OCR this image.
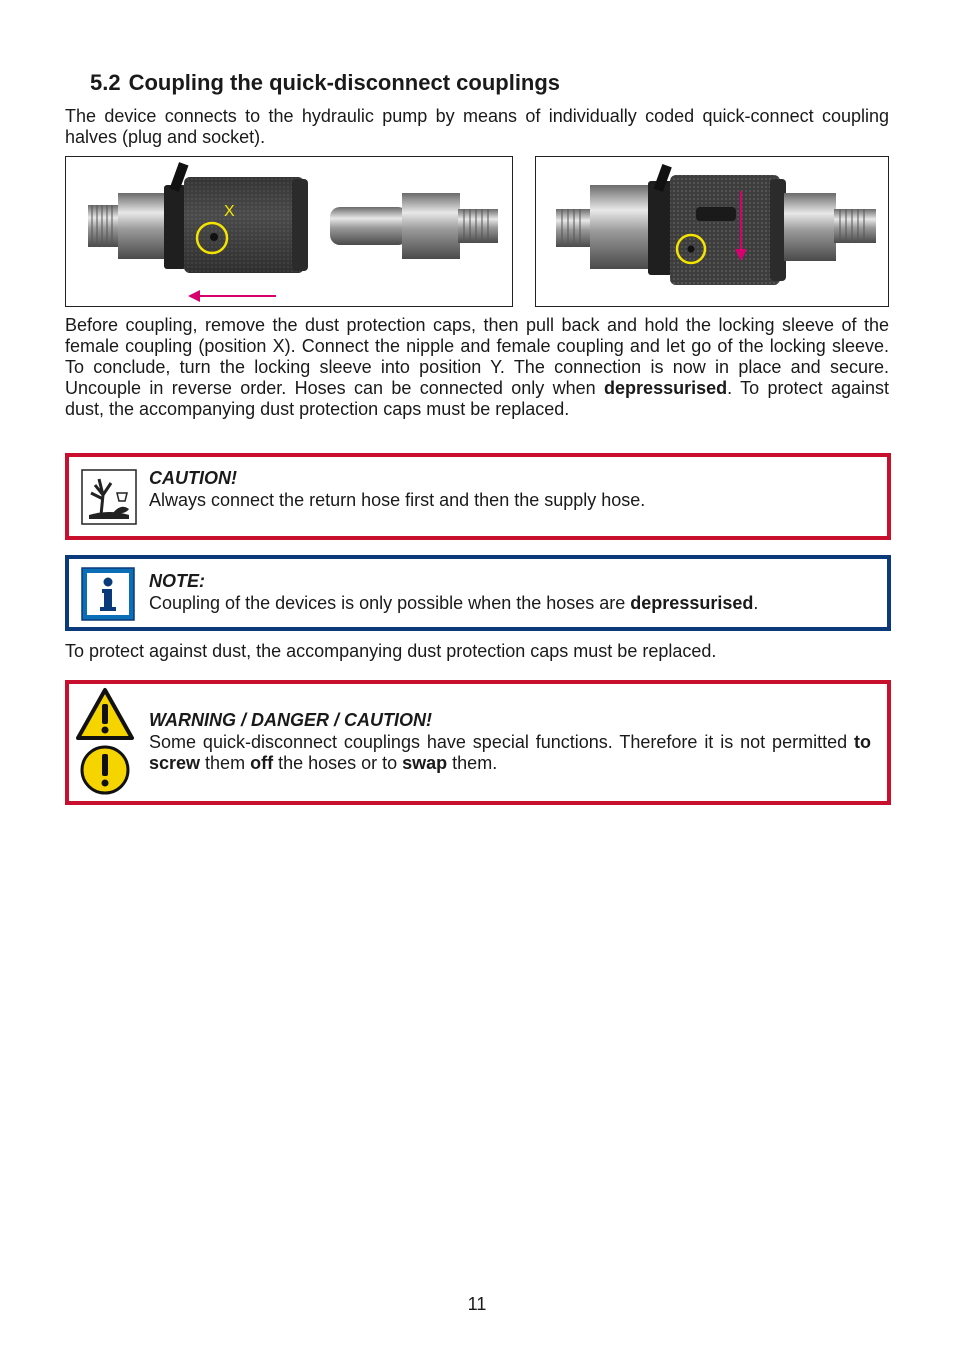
5.2 Coupling the quick-disconnect couplings

The device connects to the hydraulic pump by means of individually coded quick-connect coupling halves (plug and socket).

X

Before coupling, remove the dust protection caps, then pull back and hold the locking sleeve of the female coupling (position X). Connect the nipple and female coupling and let go of the locking sleeve. To conclude, turn the locking sleeve into position Y. The connection is now in place and secure. Uncouple in reverse order. Hoses can be connected only when depressurised. To protect against dust, the accompanying dust protection caps must be replaced.

CAUTION!
Always connect the return hose first and then the supply hose.
NOTE:
Coupling of the devices is only possible when the hoses are depressurised.

To protect against dust, the accompanying dust protection caps must be replaced.

WARNING / DANGER / CAUTION!
Some quick-disconnect couplings have special functions. Therefore it is not permitted to screw them off the hoses or to swap them.
11
